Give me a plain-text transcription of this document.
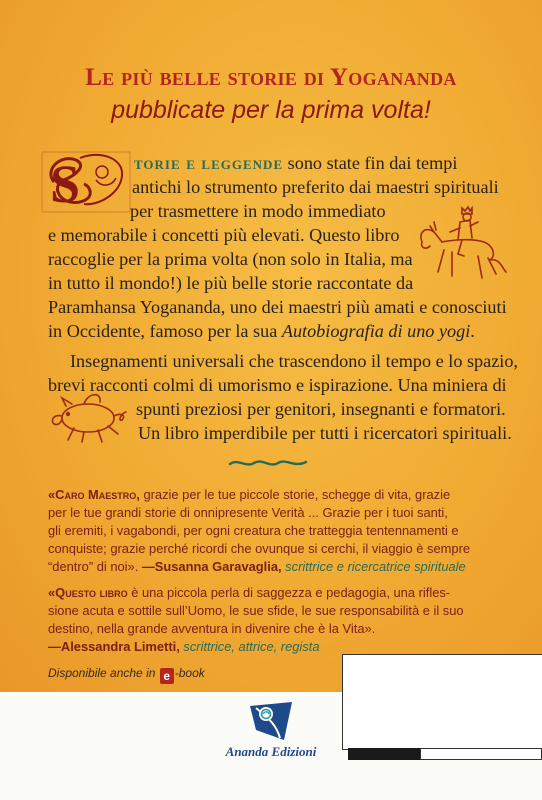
Le più belle storie di Yogananda
pubblicate per la prima volta!
S	torie e leggende sono state fin dai tempi
antichi lo strumento preferito dai maestri spirituali
per trasmettere in modo immediato
e memorabile i concetti più elevati. Questo libro
raccoglie per la prima volta (non solo in Italia, ma
in tutto il mondo!) le più belle storie raccontate da
Paramhansa Yogananda, uno dei maestri più amati e conosciuti
in Occidente, famoso per la sua Autobiografia di uno yogi.
Insegnamenti universali che trascendono il tempo e lo spazio,
brevi racconti colmi di umorismo e ispirazione. Una miniera di
spunti preziosi per genitori, insegnanti e formatori.
Un libro imperdibile per tutti i ricercatori spirituali.
«Caro Maestro, grazie per le tue piccole storie, schegge di vita, grazie
per le tue grandi storie di onnipresente Verità ... Grazie per i tuoi santi,
gli eremiti, i vagabondi, per ogni creatura che tratteggia tentennamenti e
conquiste; grazie perché ricordi che ovunque si cerchi, il viaggio è sempre
“dentro” di noi». —Susanna Garavaglia, scrittrice e ricercatrice spirituale
«Questo libro è una piccola perla di saggezza e pedagogia, una rifles-
sione acuta e sottile sull’Uomo, le sue sfide, le sue responsabilità e il suo
destino, nella grande avventura in divenire che è la Vita».
—Alessandra Limetti, scrittrice, attrice, regista
Disponibile anche in e -book
Ananda Edizioni
